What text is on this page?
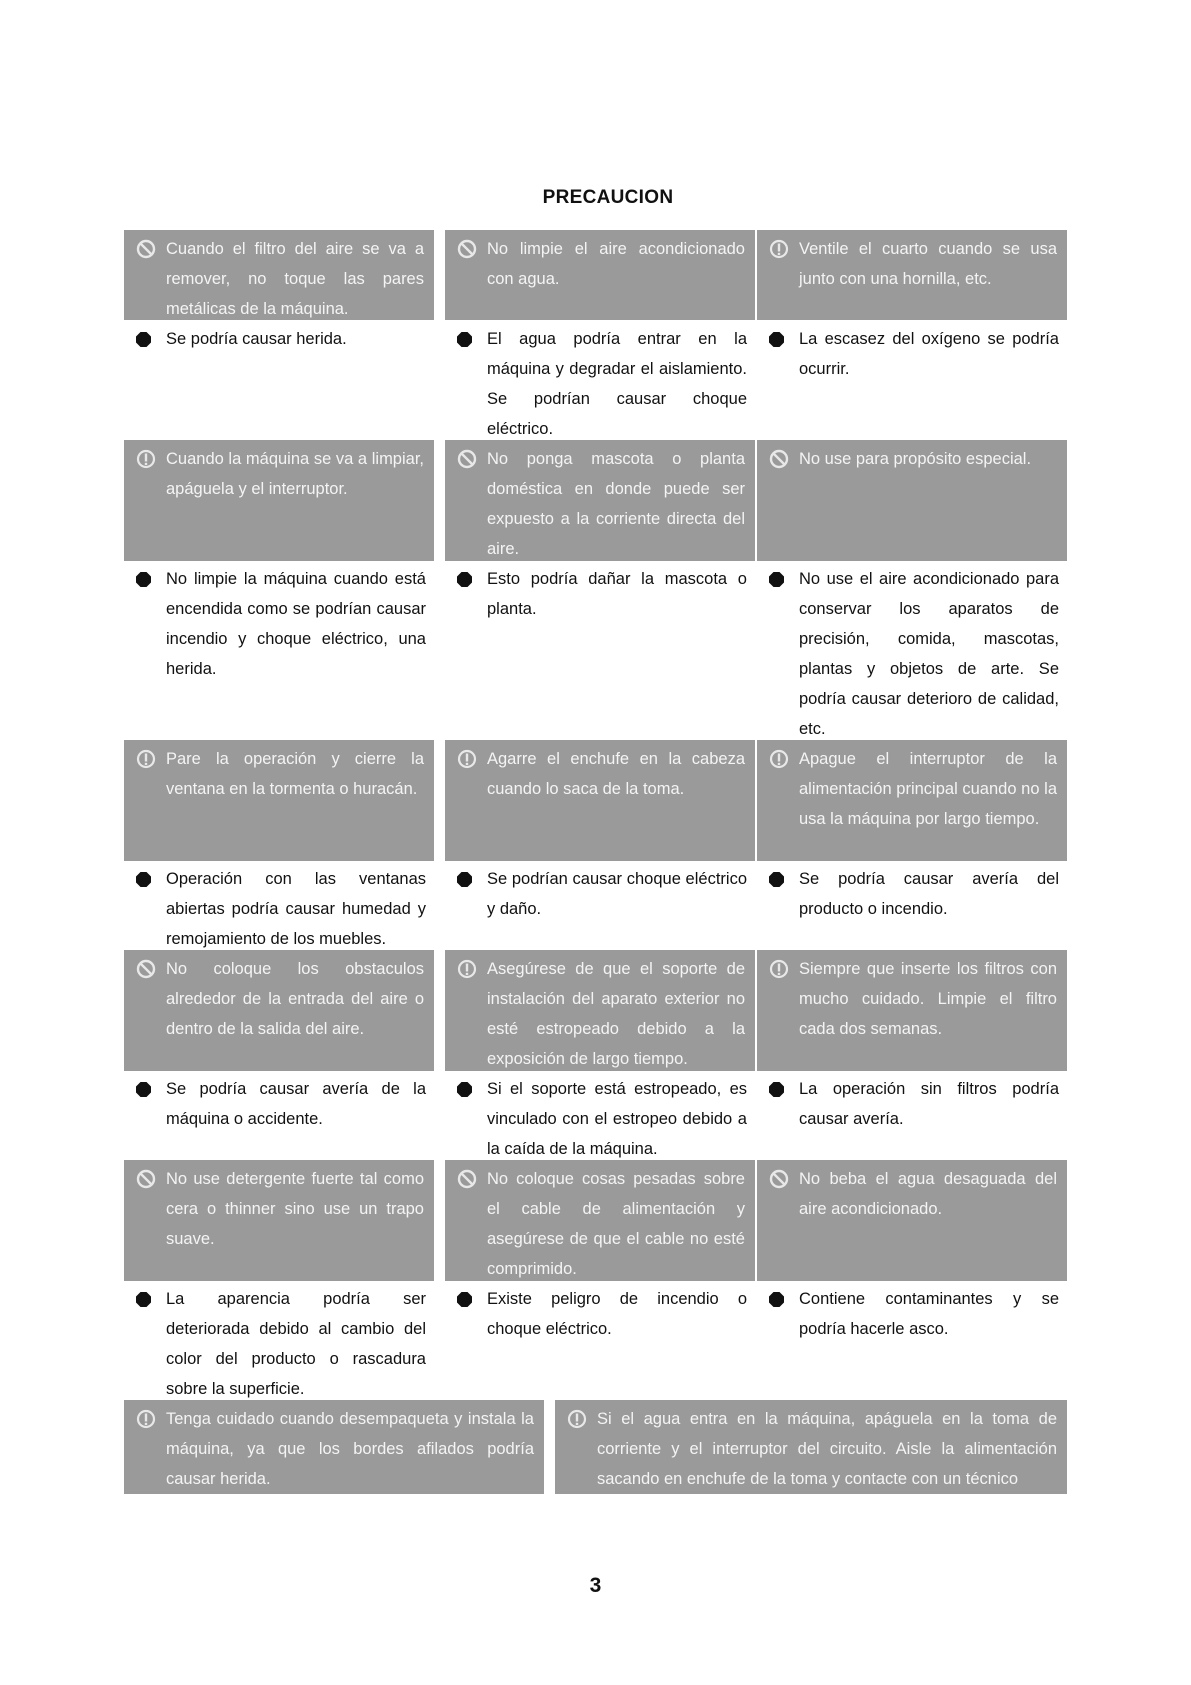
PRECAUCION
Cuando el filtro del aire se va a remover, no toque las pares metálicas de la máquina.
No limpie el aire acondicionado con agua.
Ventile el cuarto cuando se usa junto con una hornilla, etc.
Se podría causar herida.	El agua podría entrar en la máquina y degradar el aislamiento. Se podrían causar choque eléctrico.
La escasez del oxígeno se podría ocurrir.
Cuando la máquina se va a limpiar, apáguela y el interruptor.
No ponga mascota o planta doméstica en donde puede ser expuesto a la corriente directa del aire.
No use para propósito especial.
No limpie la máquina cuando está encendida como se podrían causar incendio y choque eléctrico, una herida.
Esto podría dañar la mascota o planta.
No use el aire acondicionado para conservar los aparatos de precisión, comida, mascotas, plantas y objetos de arte. Se podría causar deterioro de calidad, etc.
Pare la operación y cierre la ventana en la tormenta o huracán.
Agarre el enchufe en la cabeza cuando lo saca de la toma.
Apague el interruptor de la alimentación principal cuando no la usa la máquina por largo tiempo.
Operación con las ventanas abiertas podría causar humedad y remojamiento de los muebles.
Se podrían causar choque eléctrico y daño.
Se podría causar avería del producto o incendio.
No coloque los obstaculos alrededor de la entrada del aire o dentro de la salida del aire.
Asegúrese de que el soporte de instalación del aparato exterior no esté estropeado debido a la exposición de largo tiempo.
Siempre que inserte los filtros con mucho cuidado. Limpie el filtro cada dos semanas.
Se podría causar avería de la máquina o accidente.
Si el soporte está estropeado, es vinculado con el estropeo debido a la caída de la máquina.
La operación sin filtros podría causar avería.
No use detergente fuerte tal como cera o thinner sino use un trapo suave.
No coloque cosas pesadas sobre el cable de alimentación y asegúrese de que el cable no esté comprimido.
No beba el agua desaguada del aire acondicionado.
La aparencia podría ser deteriorada debido al cambio del color del producto o rascadura sobre la superficie.
Existe peligro de incendio o choque eléctrico.
Contiene contaminantes y se podría hacerle asco.
Tenga cuidado cuando desempaqueta y instala la máquina, ya que los bordes afilados podría causar herida.
Si el agua entra en la máquina, apáguela en la toma de corriente y el interruptor del circuito. Aisle la alimentación sacando en enchufe de la toma y contacte con un técnico
3
